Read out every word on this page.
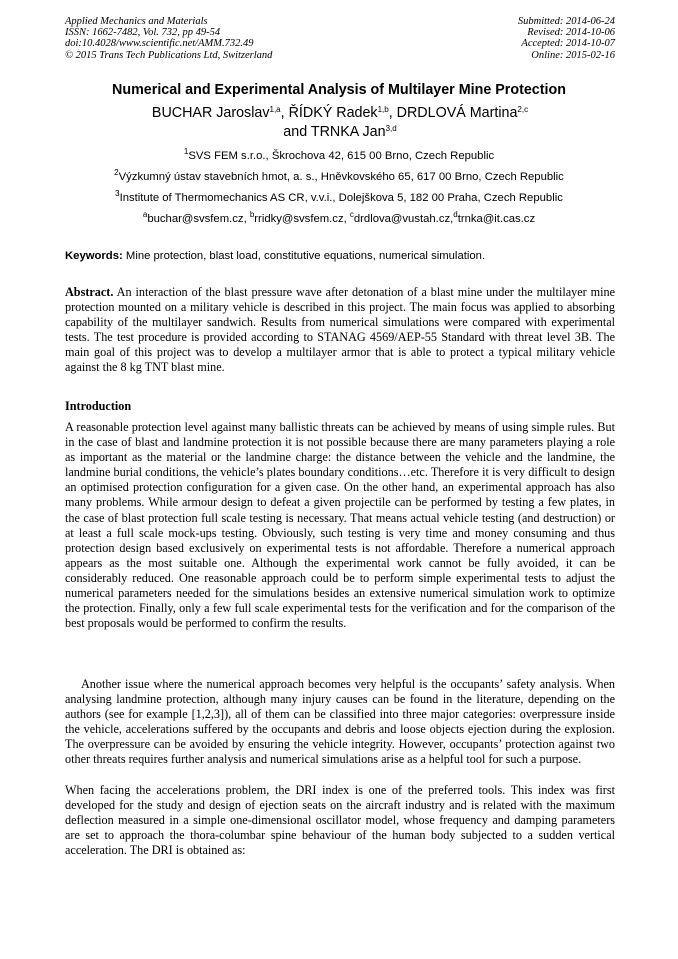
Applied Mechanics and Materials
ISSN: 1662-7482, Vol. 732, pp 49-54
doi:10.4028/www.scientific.net/AMM.732.49
© 2015 Trans Tech Publications Ltd, Switzerland
Submitted: 2014-06-24
Revised: 2014-10-06
Accepted: 2014-10-07
Online: 2015-02-16
Numerical and Experimental Analysis of Multilayer Mine Protection
BUCHAR Jaroslav$^{1,a}$, ŘÍDKÝ Radek$^{1,b}$, DRDLOVÁ Martina$^{2,c}$
and TRNKA Jan$^{3,d}$
$^1$SVS FEM s.r.o., Škrochova 42, 615 00 Brno, Czech Republic
$^2$Výzkumný ústav stavebních hmot, a. s., Hněvkovského 65, 617 00 Brno, Czech Republic
$^3$Institute of Thermomechanics AS CR, v.v.i., Dolejškova 5, 182 00 Praha, Czech Republic
$^a$buchar@svsfem.cz, $^b$rridky@svsfem.cz, $^c$drdlova@vustah.cz,$^d$trnka@it.cas.cz
Keywords: Mine protection, blast load, constitutive equations, numerical simulation.

Abstract. An interaction of the blast pressure wave after detonation of a blast mine under the multilayer mine protection mounted on a military vehicle is described in this project. The main focus was applied to absorbing capability of the multilayer sandwich. Results from numerical simulations were compared with experimental tests. The test procedure is provided according to STANAG 4569/AEP-55 Standard with threat level 3B. The main goal of this project was to develop a multilayer armor that is able to protect a typical military vehicle against the 8 kg TNT blast mine.

Introduction

A reasonable protection level against many ballistic threats can be achieved by means of using simple rules. But in the case of blast and landmine protection it is not possible because there are many parameters playing a role as important as the material or the landmine charge: the distance between the vehicle and the landmine, the landmine burial conditions, the vehicle’s plates boundary conditions…etc. Therefore it is very difficult to design an optimised protection configuration for a given case. On the other hand, an experimental approach has also many problems. While armour design to defeat a given projectile can be performed by testing a few plates, in the case of blast protection full scale testing is necessary. That means actual vehicle testing (and destruction) or at least a full scale mock-ups testing. Obviously, such testing is very time and money consuming and thus protection design based exclusively on experimental tests is not affordable. Therefore a numerical approach appears as the most suitable one. Although the experimental work cannot be fully avoided, it can be considerably reduced. One reasonable approach could be to perform simple experimental tests to adjust the numerical parameters needed for the simulations besides an extensive numerical simulation work to optimize the protection. Finally, only a few full scale experimental tests for the verification and for the comparison of the best proposals would be performed to confirm the results.

Another issue where the numerical approach becomes very helpful is the occupants’ safety analysis. When analysing landmine protection, although many injury causes can be found in the literature, depending on the authors (see for example [1,2,3]), all of them can be classified into three major categories: overpressure inside the vehicle, accelerations suffered by the occupants and debris and loose objects ejection during the explosion. The overpressure can be avoided by ensuring the vehicle integrity. However, occupants’ protection against two other threats requires further analysis and numerical simulations arise as a helpful tool for such a purpose.

When facing the accelerations problem, the DRI index is one of the preferred tools. This index was first developed for the study and design of ejection seats on the aircraft industry and is related with the maximum deflection measured in a simple one-dimensional oscillator model, whose frequency and damping parameters are set to approach the thora-columbar spine behaviour of the human body subjected to a sudden vertical acceleration. The DRI is obtained as:
